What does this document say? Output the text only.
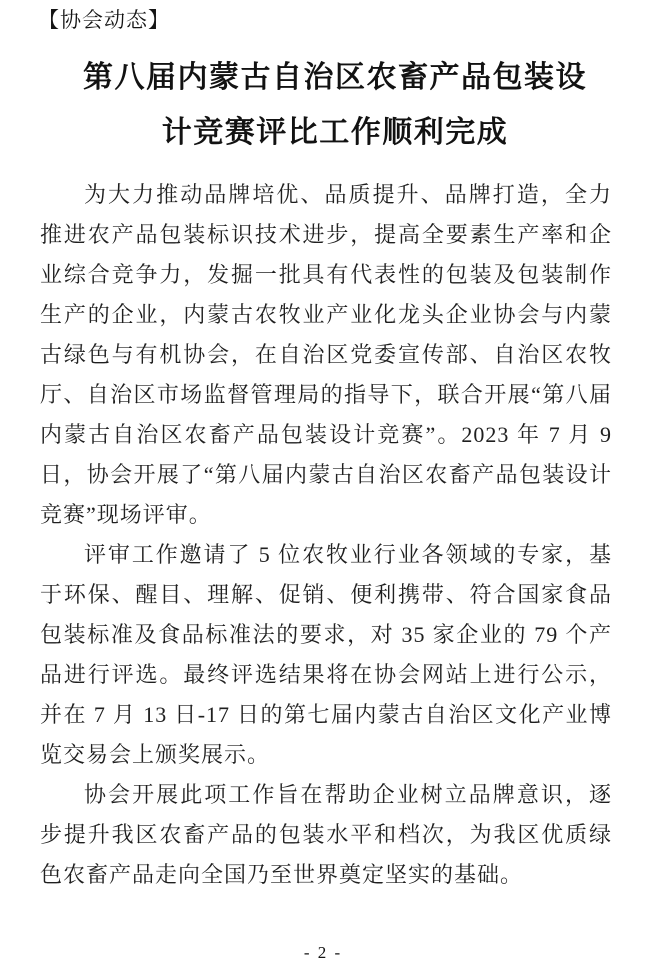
【协会动态】
第八届内蒙古自治区农畜产品包装设
计竞赛评比工作顺利完成

为大力推动品牌培优、品质提升、品牌打造，全力推进农产品包装标识技术进步，提高全要素生产率和企业综合竞争力，发掘一批具有代表性的包装及包装制作生产的企业，内蒙古农牧业产业化龙头企业协会与内蒙古绿色与有机协会，在自治区党委宣传部、自治区农牧厅、自治区市场监督管理局的指导下，联合开展“第八届内蒙古自治区农畜产品包装设计竞赛”。2023 年 7 月 9 日，协会开展了“第八届内蒙古自治区农畜产品包装设计竞赛”现场评审。

评审工作邀请了 5 位农牧业行业各领域的专家，基于环保、醒目、理解、促销、便利携带、符合国家食品包装标准及食品标准法的要求，对 35 家企业的 79 个产品进行评选。最终评选结果将在协会网站上进行公示，并在 7 月 13 日-17 日的第七届内蒙古自治区文化产业博览交易会上颁奖展示。

协会开展此项工作旨在帮助企业树立品牌意识，逐步提升我区农畜产品的包装水平和档次，为我区优质绿色农畜产品走向全国乃至世界奠定坚实的基础。

- 2 -
